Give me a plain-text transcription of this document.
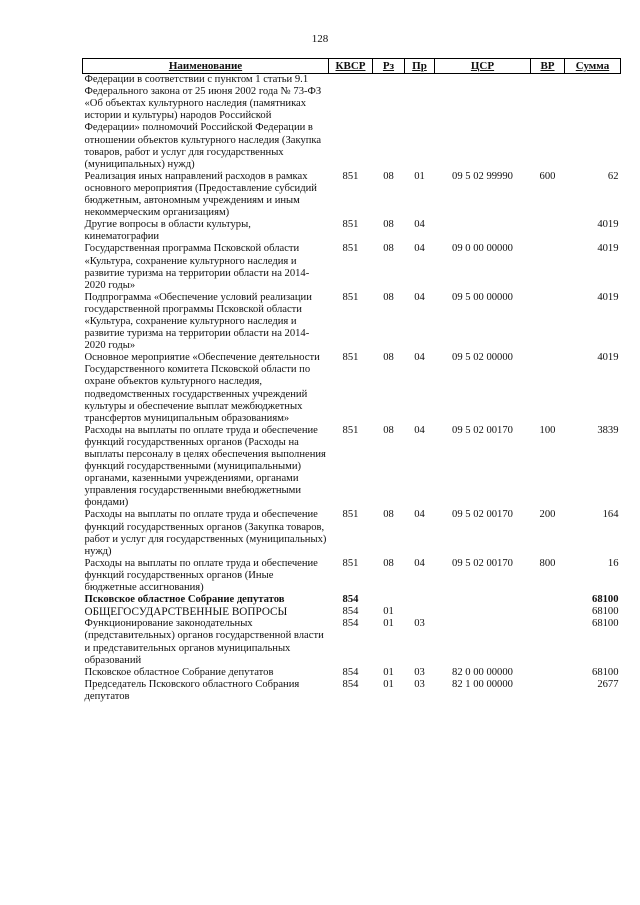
128
Наименование	КВСР	Рз	Пр	ЦСР	ВР	Сумма
Федерации в соответствии с пунктом 1 статьи 9.1 Федерального закона от 25 июня 2002 года № 73-ФЗ «Об объектах культурного наследия (памятниках истории и культуры) народов Российской Федерации» полномочий Российской Федерации в отношении объектов культурного наследия (Закупка товаров, работ и услуг для государственных (муниципальных) нужд)						
Реализация иных направлений расходов в рамках основного мероприятия (Предоставление субсидий бюджетным, автономным учреждениям и иным некоммерческим организациям)	851	08	01	09 5 02 99990	600	62
Другие вопросы в области культуры, кинематографии	851	08	04			4019
Государственная программа Псковской области «Культура, сохранение культурного наследия и развитие туризма на территории области на 2014-2020 годы»	851	08	04	09 0 00 00000		4019
Подпрограмма «Обеспечение условий реализации государственной программы Псковской области «Культура, сохранение культурного наследия и развитие туризма на территории области на 2014-2020 годы»	851	08	04	09 5 00 00000		4019
Основное мероприятие «Обеспечение деятельности Государственного комитета Псковской области по охране объектов культурного наследия, подведомственных государственных учреждений культуры и обеспечение выплат межбюджетных трансфертов муниципальным образованиям»	851	08	04	09 5 02 00000		4019
Расходы на выплаты по оплате труда и обеспечение функций государственных органов (Расходы на выплаты персоналу в целях обеспечения выполнения функций государственными (муниципальными) органами, казенными учреждениями, органами управления государственными внебюджетными фондами)	851	08	04	09 5 02 00170	100	3839
Расходы на выплаты по оплате труда и обеспечение функций государственных органов (Закупка товаров, работ и услуг для государственных (муниципальных) нужд)	851	08	04	09 5 02 00170	200	164
Расходы на выплаты по оплате труда и обеспечение функций государственных органов (Иные бюджетные ассигнования)	851	08	04	09 5 02 00170	800	16
Псковское областное Собрание депутатов	854					68100
ОБЩЕГОСУДАРСТВЕННЫЕ ВОПРОСЫ	854	01				68100
Функционирование законодательных (представительных) органов государственной власти и представительных органов муниципальных образований	854	01	03			68100
Псковское областное Собрание депутатов	854	01	03	82 0 00 00000		68100
Председатель Псковского областного Собрания депутатов	854	01	03	82 1 00 00000		2677
